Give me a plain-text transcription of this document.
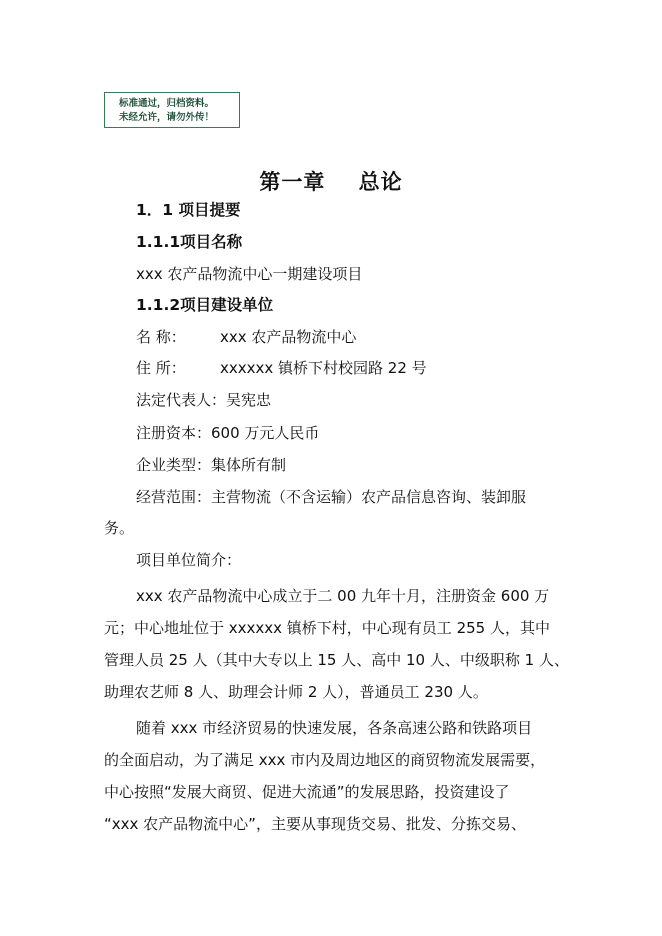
标准通过，归档资料。
未经允许，请勿外传！
第一章    总论
1．1 项目提要
1.1.1项目名称
xxx 农产品物流中心一期建设项目
1.1.2项目建设单位
名 称： xxx 农产品物流中心
住 所： xxxxxx 镇桥下村校园路 22 号
法定代表人：吴宪忠
注册资本：600 万元人民币
企业类型：集体所有制
经营范围：主营物流（不含运输）农产品信息咨询、装卸服
务。
项目单位简介：
xxx 农产品物流中心成立于二 00 九年十月，注册资金 600 万
元；中心地址位于 xxxxxx 镇桥下村，中心现有员工 255 人，其中
管理人员 25 人（其中大专以上 15 人、高中 10 人、中级职称 1 人、
助理农艺师 8 人、助理会计师 2 人），普通员工 230 人。
随着 xxx 市经济贸易的快速发展，各条高速公路和铁路项目
的全面启动，为了满足 xxx 市内及周边地区的商贸物流发展需要，
中心按照“发展大商贸、促进大流通”的发展思路，投资建设了
“xxx 农产品物流中心”，主要从事现货交易、批发、分拣交易、
